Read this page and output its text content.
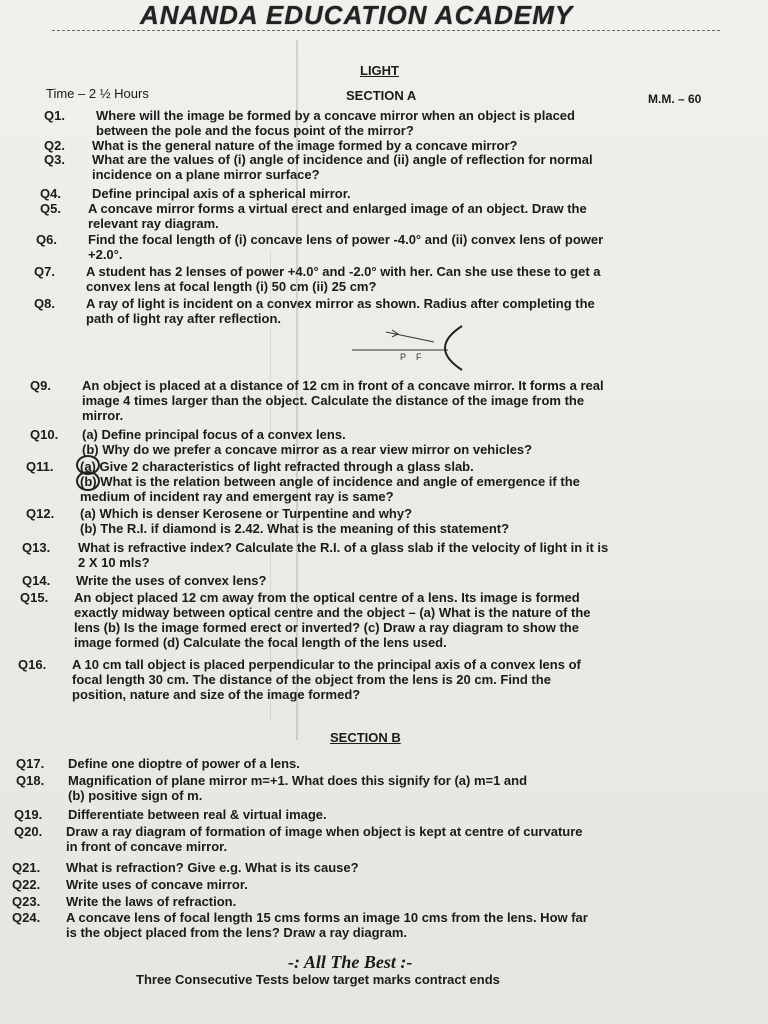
ANANDA EDUCATION ACADEMY
LIGHT
Time – 2 ½ Hours	SECTION A	M.M. – 60
Q1. Where will the image be formed by a concave mirror when an object is placed
between the pole and the focus point of the mirror?
Q2. What is the general nature of the image formed by a concave mirror?
Q3. What are the values of (i) angle of incidence and (ii) angle of reflection for normal
incidence on a plane mirror surface?
Q4. Define principal axis of a spherical mirror.
Q5. A concave mirror forms a virtual erect and enlarged image of an object. Draw the
relevant ray diagram.
Q6. Find the focal length of (i) concave lens of power -4.0° and (ii) convex lens of power
+2.0°.
Q7. A student has 2 lenses of power +4.0° and -2.0° with her. Can she use these to get a
convex lens at focal length (i) 50 cm (ii) 25 cm?
Q8. A ray of light is incident on a convex mirror as shown. Radius after completing the
path of light ray after reflection.
Q9. An object is placed at a distance of 12 cm in front of a concave mirror. It forms a real
image 4 times larger than the object. Calculate the distance of the image from the
mirror.
Q10. (a) Define principal focus of a convex lens.
(b) Why do we prefer a concave mirror as a rear view mirror on vehicles?
Q11. (a) Give 2 characteristics of light refracted through a glass slab.
(b) What is the relation between angle of incidence and angle of emergence if the
medium of incident ray and emergent ray is same?
Q12. (a) Which is denser Kerosene or Turpentine and why?
(b) The R.I. if diamond is 2.42. What is the meaning of this statement?
Q13. What is refractive index? Calculate the R.I. of a glass slab if the velocity of light in it is
2 X 10 mls?
Q14. Write the uses of convex lens?
Q15. An object placed 12 cm away from the optical centre of a lens. Its image is formed
exactly midway between optical centre and the object – (a) What is the nature of the
lens (b) Is the image formed erect or inverted? (c) Draw a ray diagram to show the
image formed (d) Calculate the focal length of the lens used.
Q16. A 10 cm tall object is placed perpendicular to the principal axis of a convex lens of
focal length 30 cm. The distance of the object from the lens is 20 cm. Find the
position, nature and size of the image formed?
P F
SECTION B
Q17. Define one dioptre of power of a lens.
Q18. Magnification of plane mirror m=+1. What does this signify for (a) m=1 and
(b) positive sign of m.
Q19. Differentiate between real & virtual image.
Q20. Draw a ray diagram of formation of image when object is kept at centre of curvature
in front of concave mirror.
Q21. What is refraction? Give e.g. What is its cause?
Q22. Write uses of concave mirror.
Q23. Write the laws of refraction.
Q24. A concave lens of focal length 15 cms forms an image 10 cms from the lens. How far
is the object placed from the lens? Draw a ray diagram.
-: All The Best :-
Three Consecutive Tests below target marks contract ends
